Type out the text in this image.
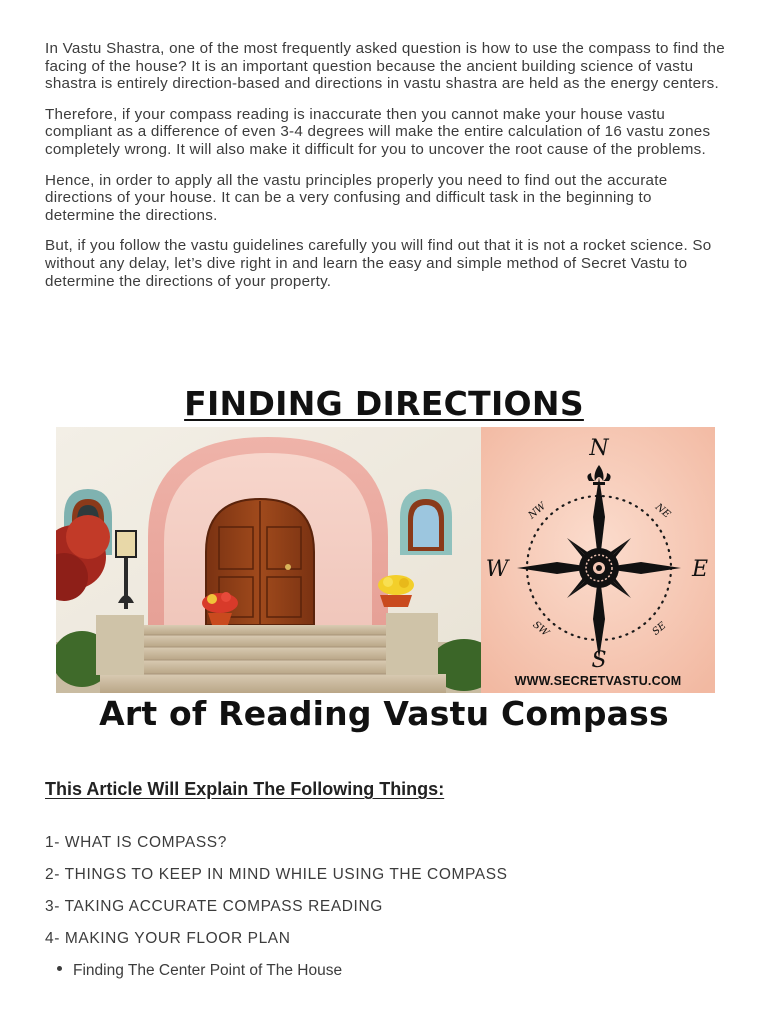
In Vastu Shastra, one of the most frequently asked question is how to use the compass to find the facing of the house? It is an important question because the ancient building science of vastu shastra is entirely direction-based and directions in vastu shastra are held as the energy centers.

Therefore, if your compass reading is inaccurate then you cannot make your house vastu compliant as a difference of even 3-4 degrees will make the entire calculation of 16 vastu zones completely wrong. It will also make it difficult for you to uncover the root cause of the problems.

Hence, in order to apply all the vastu principles properly you need to find out the accurate directions of your house. It can be a very confusing and difficult task in the beginning to determine the directions.

But, if you follow the vastu guidelines carefully you will find out that it is not a rocket science. So without any delay, let’s dive right in and learn the easy and simple method of Secret Vastu to determine the directions of your property.

FINDING DIRECTIONS
N
S
W	E
NW	NE
SW	SE
WWW.SECRETVASTU.COM
Art of Reading Vastu Compass
This Article Will Explain The Following Things:
1- WHAT IS COMPASS?
2- THINGS TO KEEP IN MIND WHILE USING THE COMPASS
3- TAKING ACCURATE COMPASS READING
4- MAKING YOUR FLOOR PLAN
Finding The Center Point of The House
